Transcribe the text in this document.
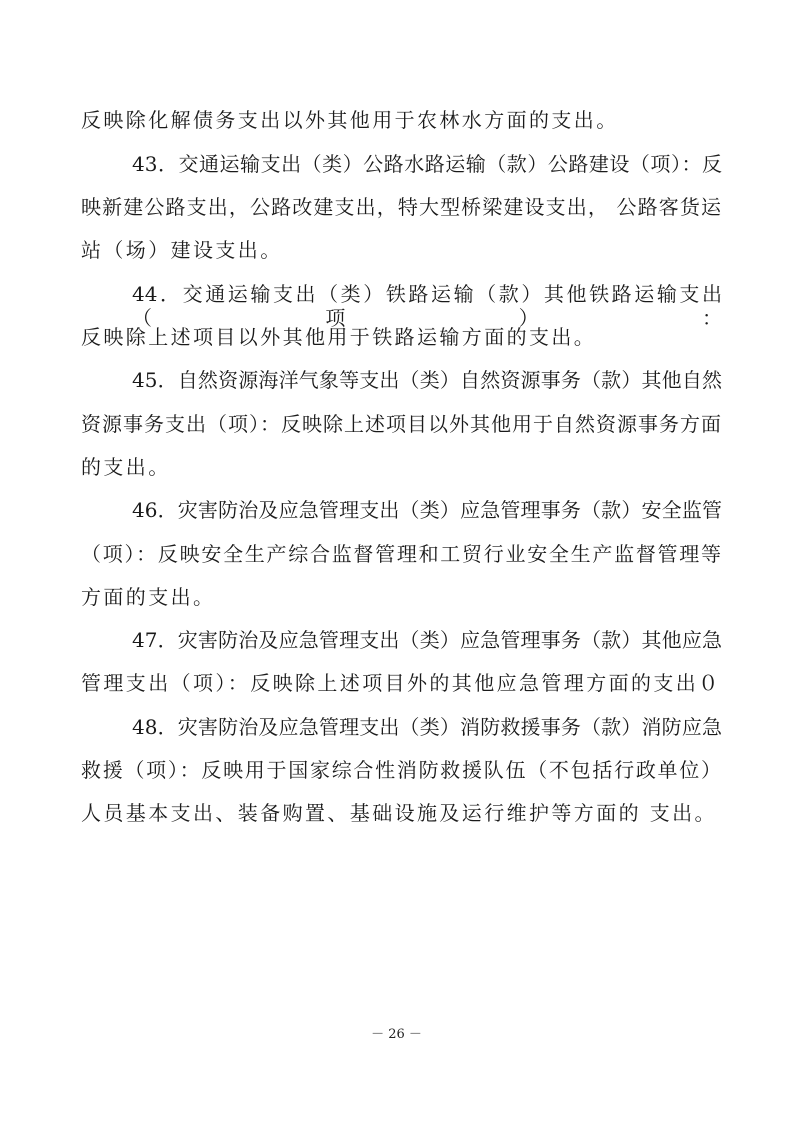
反映除化解债务支出以外其他用于农林水方面的支出。
43．交通运输支出（类）公路水路运输（款）公路建设（项）：反
映新建公路支出，公路改建支出，特大型桥梁建设支出， 公路客货运
站（场）建设支出。
44．交通运输支出（类）铁路运输（款）其他铁路运输支出（项）：
反映除上述项目以外其他用于铁路运输方面的支出。
45．自然资源海洋气象等支出（类）自然资源事务（款）其他自然
资源事务支出（项）：反映除上述项目以外其他用于自然资源事务方面
的支出。
46．灾害防治及应急管理支出（类）应急管理事务（款）安全监管
（项）：反映安全生产综合监督管理和工贸行业安全生产监督管理等
方面的支出。
47．灾害防治及应急管理支出（类）应急管理事务（款）其他应急
管理支出（项）：反映除上述项目外的其他应急管理方面的支出０
48．灾害防治及应急管理支出（类）消防救援事务（款）消防应急
救援（项）：反映用于国家综合性消防救援队伍（不包括行政单位）
人员基本支出、装备购置、基础设施及运行维护等方面的 支出。
－ 26 －
